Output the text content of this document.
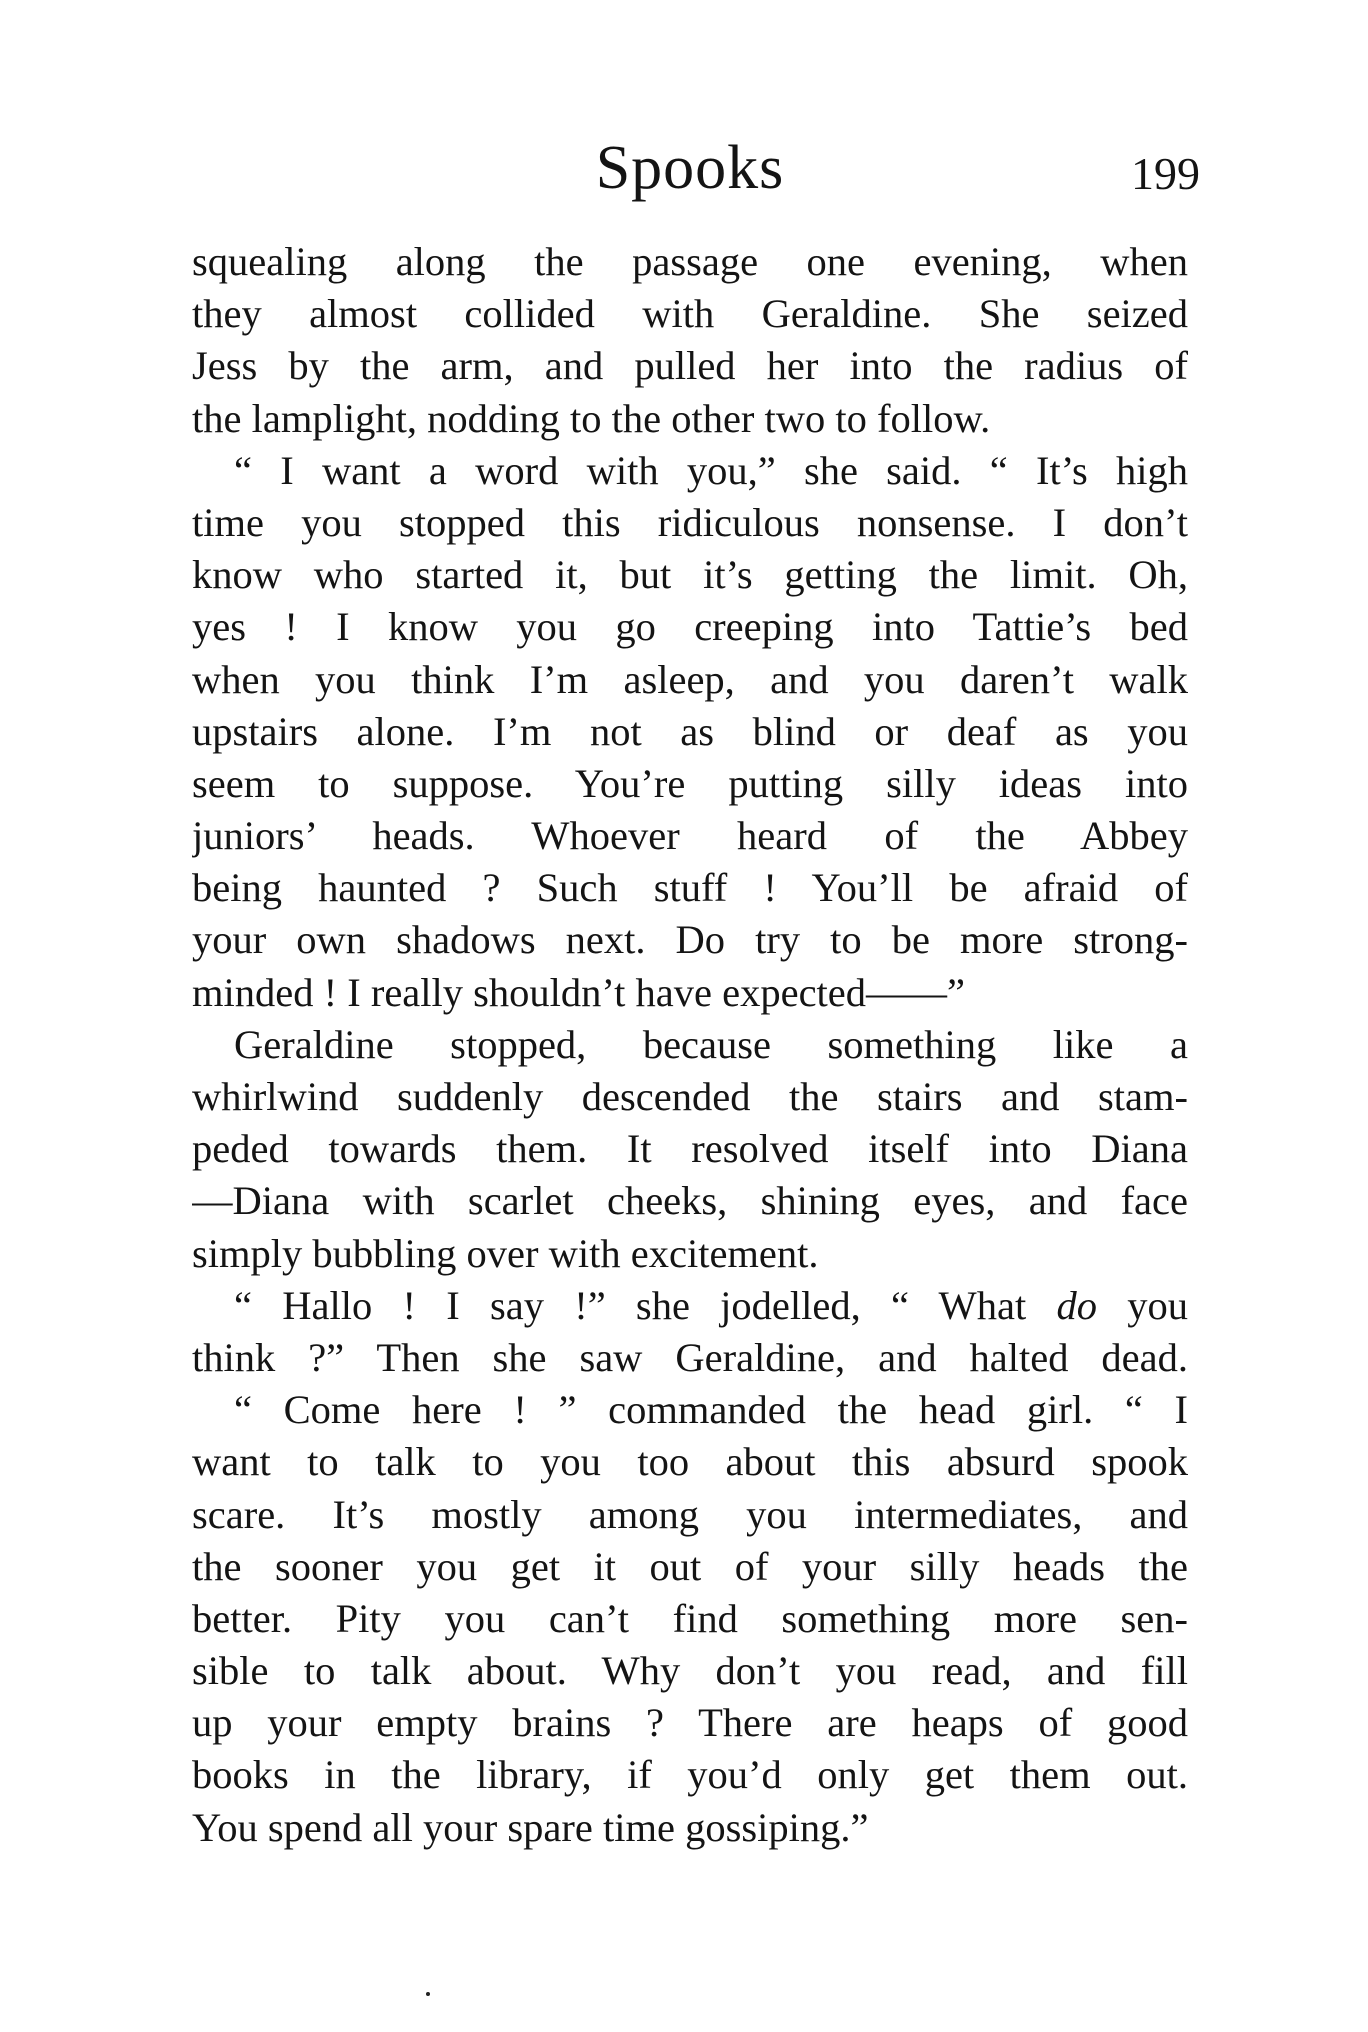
Spooks	199
squealing along the passage one evening, when
they almost collided with Geraldine. She seized
Jess by the arm, and pulled her into the radius of
the lamplight, nodding to the other two to follow.
“ I want a word with you,” she said. “ It’s high
time you stopped this ridiculous nonsense. I don’t
know who started it, but it’s getting the limit. Oh,
yes ! I know you go creeping into Tattie’s bed
when you think I’m asleep, and you daren’t walk
upstairs alone. I’m not as blind or deaf as you
seem to suppose. You’re putting silly ideas into
juniors’ heads. Whoever heard of the Abbey
being haunted ? Such stuff ! You’ll be afraid of
your own shadows next. Do try to be more strong-
minded ! I really shouldn’t have expected——”
Geraldine stopped, because something like a
whirlwind suddenly descended the stairs and stam-
peded towards them. It resolved itself into Diana
—Diana with scarlet cheeks, shining eyes, and face
simply bubbling over with excitement.
“ Hallo ! I say !” she jodelled, “ What do you
think ?” Then she saw Geraldine, and halted dead.
“ Come here ! ” commanded the head girl. “ I
want to talk to you too about this absurd spook
scare. It’s mostly among you intermediates, and
the sooner you get it out of your silly heads the
better. Pity you can’t find something more sen-
sible to talk about. Why don’t you read, and fill
up your empty brains ? There are heaps of good
books in the library, if you’d only get them out.
You spend all your spare time gossiping.”
